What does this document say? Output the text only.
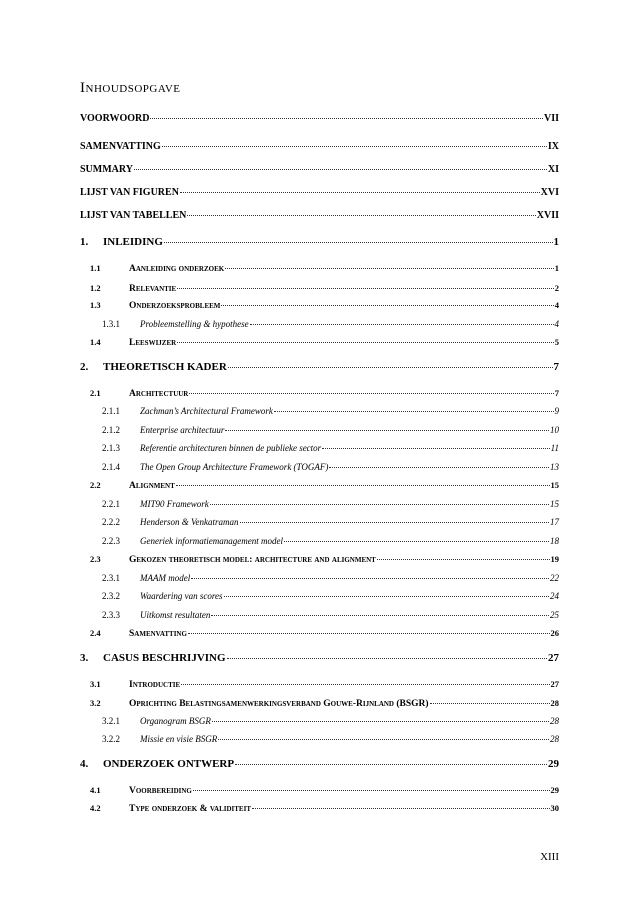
Inhoudsopgave
VOORWOORD	VII
SAMENVATTING	IX
SUMMARY	XI
LIJST VAN FIGUREN	XVI
LIJST VAN TABELLEN	XVII
1.	INLEIDING	1
1.1	Aanleiding onderzoek	1
1.2	Relevantie	2
1.3	Onderzoeksprobleem	4
1.3.1	Probleemstelling & hypothese	4
1.4	Leeswijzer	5
2.	THEORETISCH KADER	7
2.1	Architectuur	7
2.1.1	Zachman’s Architectural Framework	9
2.1.2	Enterprise architectuur	10
2.1.3	Referentie architecturen binnen de publieke sector	11
2.1.4	The Open Group Architecture Framework (TOGAF)	13
2.2	Alignment	15
2.2.1	MIT90 Framework	15
2.2.2	Henderson & Venkatraman	17
2.2.3	Generiek informatiemanagement model	18
2.3	Gekozen theoretisch model: architecture and alignment	19
2.3.1	MAAM model	22
2.3.2	Waardering van scores	24
2.3.3	Uitkomst resultaten	25
2.4	Samenvatting	26
3.	CASUS BESCHRIJVING	27
3.1	Introductie	27
3.2	Oprichting Belastingsamenwerkingsverband Gouwe-Rijnland (BSGR)	28
3.2.1	Organogram BSGR	28
3.2.2	Missie en visie BSGR	28
4.	ONDERZOEK ONTWERP	29
4.1	Voorbereiding	29
4.2	Type onderzoek & validiteit	30
XIII
